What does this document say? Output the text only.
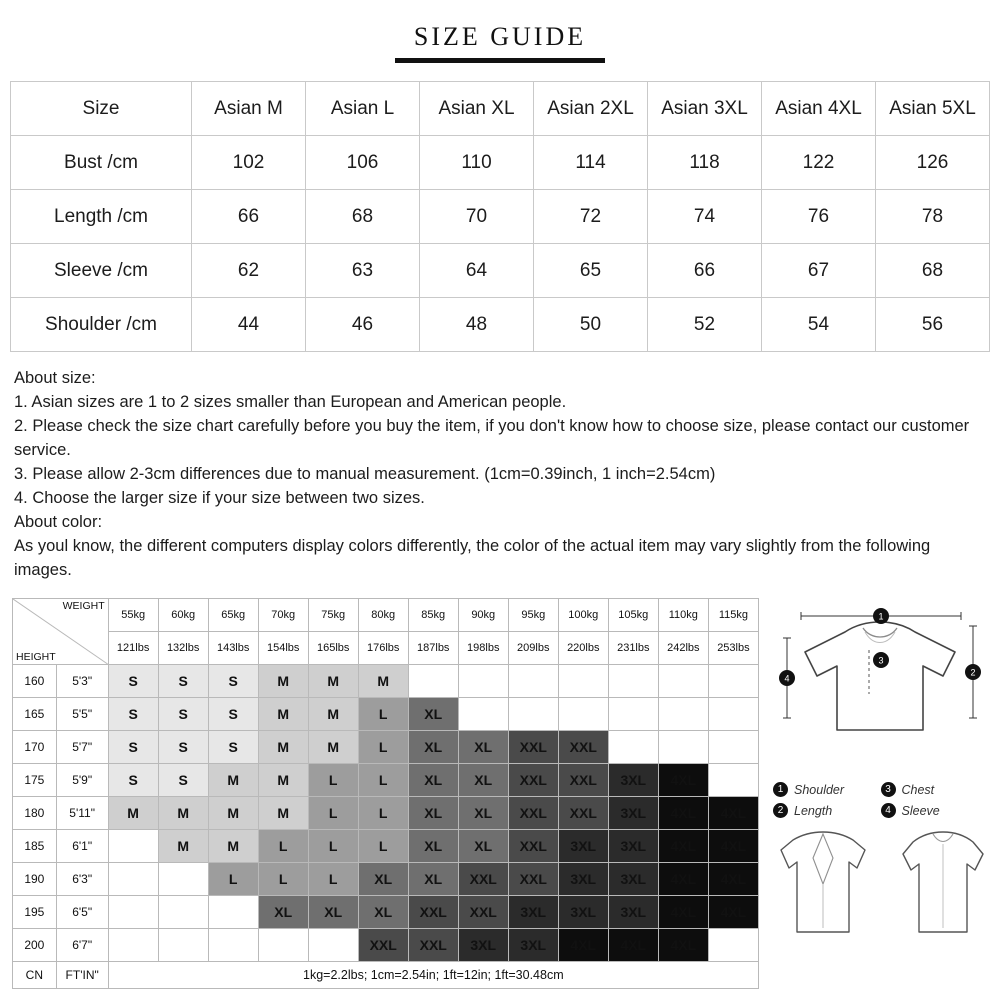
SIZE GUIDE
Size	Asian M	Asian L	Asian XL	Asian 2XL	Asian 3XL	Asian 4XL	Asian 5XL
Bust /cm	102	106	110	114	118	122	126
Length /cm	66	68	70	72	74	76	78
Sleeve /cm	62	63	64	65	66	67	68
Shoulder /cm	44	46	48	50	52	54	56

About size:

1. Asian sizes are 1 to 2 sizes smaller than European and American people.

2. Please check the size chart carefully before you buy the item, if you don't know how to choose size, please contact our customer service.

3. Please allow 2-3cm differences due to manual measurement. (1cm=0.39inch, 1 inch=2.54cm)

4. Choose the larger size if your size between two sizes.

About color:

As youl know, the different computers display colors differently, the color of the actual item may vary slightly from the following images.

WEIGHT
HEIGHT		55kg	60kg	65kg	70kg	75kg	80kg	85kg	90kg	95kg	100kg	105kg	110kg	115kg
		121lbs	132lbs	143lbs	154lbs	165lbs	176lbs	187lbs	198lbs	209lbs	220lbs	231lbs	242lbs	253lbs
160	5'3"	S	S	S	M	M	M							
165	5'5"	S	S	S	M	M	L	XL						
170	5'7"	S	S	S	M	M	L	XL	XL	XXL	XXL			
175	5'9"	S	S	M	M	L	L	XL	XL	XXL	XXL	3XL	4XL	
180	5'11"	M	M	M	M	L	L	XL	XL	XXL	XXL	3XL	4XL	4XL
185	6'1"		M	M	L	L	L	XL	XL	XXL	3XL	3XL	4XL	4XL
190	6'3"			L	L	L	XL	XL	XXL	XXL	3XL	3XL	4XL	4XL
195	6'5"				XL	XL	XL	XXL	XXL	3XL	3XL	3XL	4XL	4XL
200	6'7"						XXL	XXL	3XL	3XL	4XL	4XL	4XL	
CN	FT'IN"	1kg=2.2lbs; 1cm=2.54in; 1ft=12in; 1ft=30.48cm												
1
2
3
4
1 Shoulder	3 Chest
2 Length	4 Sleeve
